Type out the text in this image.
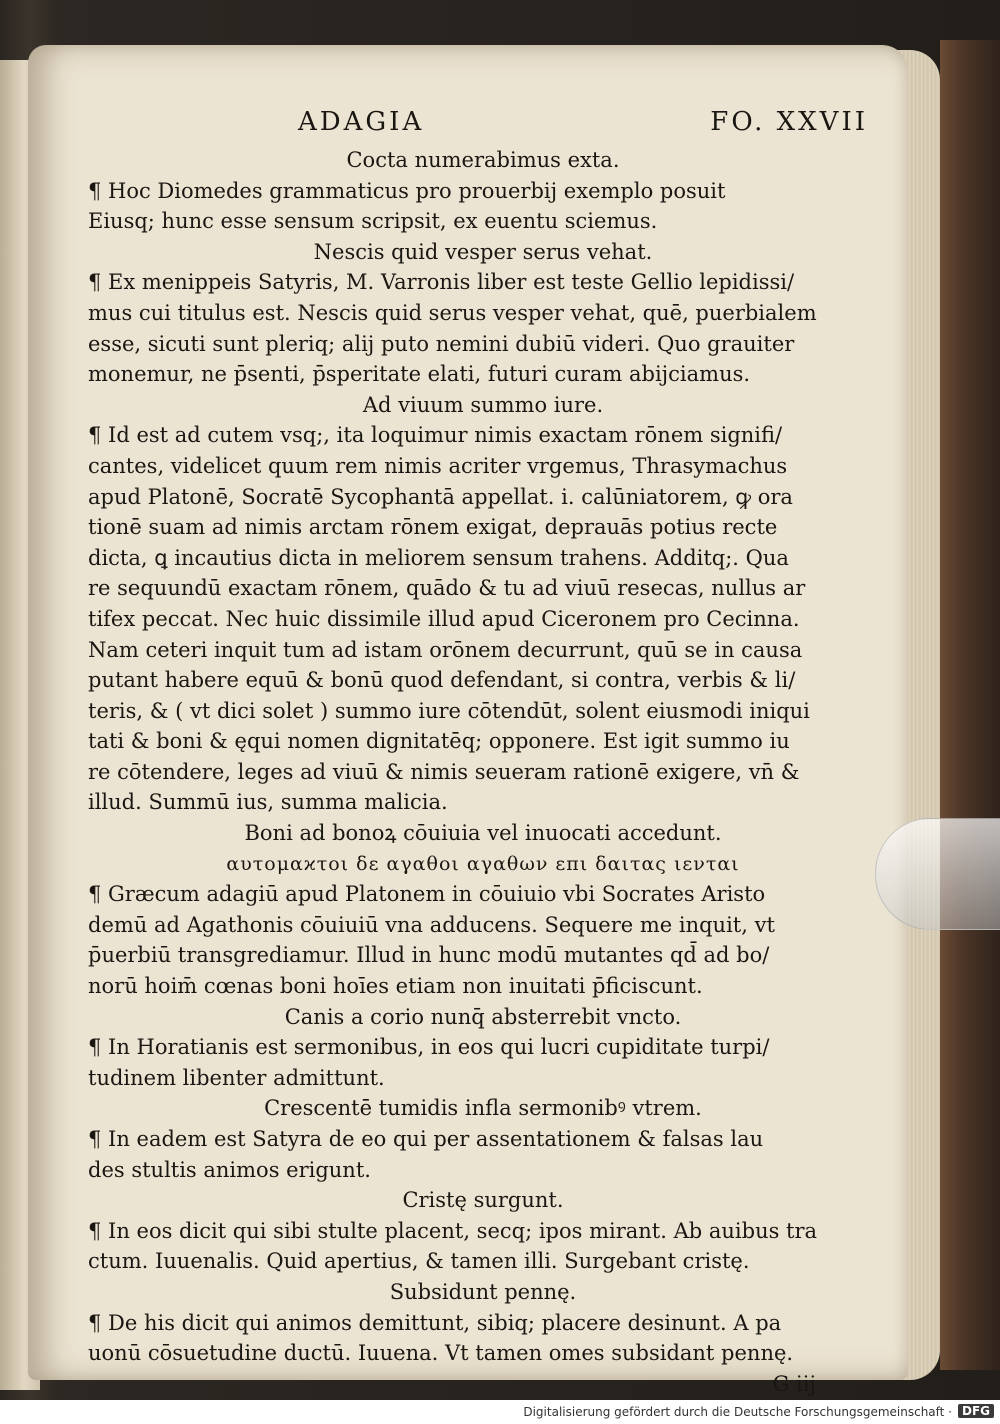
ADAGIA	FO. XXVII
Cocta numerabimus exta.
¶ Hoc Diomedes grammaticus pro prouerbij exemplo posuit
Eiusq; hunc esse sensum scripsit, ex euentu sciemus.
Nescis quid vesper serus vehat.
¶ Ex menippeis Satyris, M. Varronis liber est teste Gellio lepidissi/
mus cui titulus est. Nescis quid serus vesper vehat, quē, puerbialem
esse, sicuti sunt pleriq; alij puto nemini dubiū videri. Quo grauiter
monemur, ne p̄senti, p̄speritate elati, futuri curam abijciamus.
Ad viuum summo iure.
¶ Id est ad cutem vsq;, ita loquimur nimis exactam rōnem signifi/
cantes, videlicet quum rem nimis acriter vrgemus, Thrasymachus
apud Platonē, Socratē Sycophantā appellat. i. calūniatorem, ꝙ ora
tionē suam ad nimis arctam rōnem exigat, deprauās potius recte
dicta, ꝗ incautius dicta in meliorem sensum trahens. Additq;. Qua
re sequundū exactam rōnem, quādo & tu ad viuū resecas, nullus ar
tifex peccat. Nec huic dissimile illud apud Ciceronem pro Cecinna.
Nam ceteri inquit tum ad istam orōnem decurrunt, quū se in causa
putant habere equū & bonū quod defendant, si contra, verbis & li/
teris, & ( vt dici solet ) summo iure cōtendūt, solent eiusmodi iniqui
tati & boni & ęqui nomen dignitatēq; opponere. Est igit summo iu
re cōtendere, leges ad viuū & nimis seueram rationē exigere, vn̄ &
illud. Summū ius, summa malicia.
Boni ad bonoꝝ cōuiuia vel inuocati accedunt.
αυτομαϰτοι δε αγαθοι αγαθων επι δαιτας ιενται
¶ Græcum adagiū apud Platonem in cōuiuio vbi Socrates Aristo
demū ad Agathonis cōuiuiū vna adducens. Sequere me inquit, vt
p̄uerbiū transgrediamur. Illud in hunc modū mutantes qd̄ ad bo/
norū hoim̄ cœnas boni hoīes etiam non inuitati p̄ficiscunt.
Canis a corio nunq̄ absterrebit vncto.
¶ In Horatianis est sermonibus, in eos qui lucri cupiditate turpi/
tudinem libenter admittunt.
Crescentē tumidis infla sermonibꝰ vtrem.
¶ In eadem est Satyra de eo qui per assentationem & falsas lau
des stultis animos erigunt.
Cristę surgunt.
¶ In eos dicit qui sibi stulte placent, secq; ipos mirant. Ab auibus tra
ctum. Iuuenalis. Quid apertius, & tamen illi. Surgebant cristę.
Subsidunt pennę.
¶ De his dicit qui animos demittunt, sibiq; placere desinunt. A pa
uonū cōsuetudine ductū. Iuuena. Vt tamen omes subsidant pennę.
G iij
Digitalisierung gefördert durch die Deutsche Forschungsgemeinschaft · DFG
